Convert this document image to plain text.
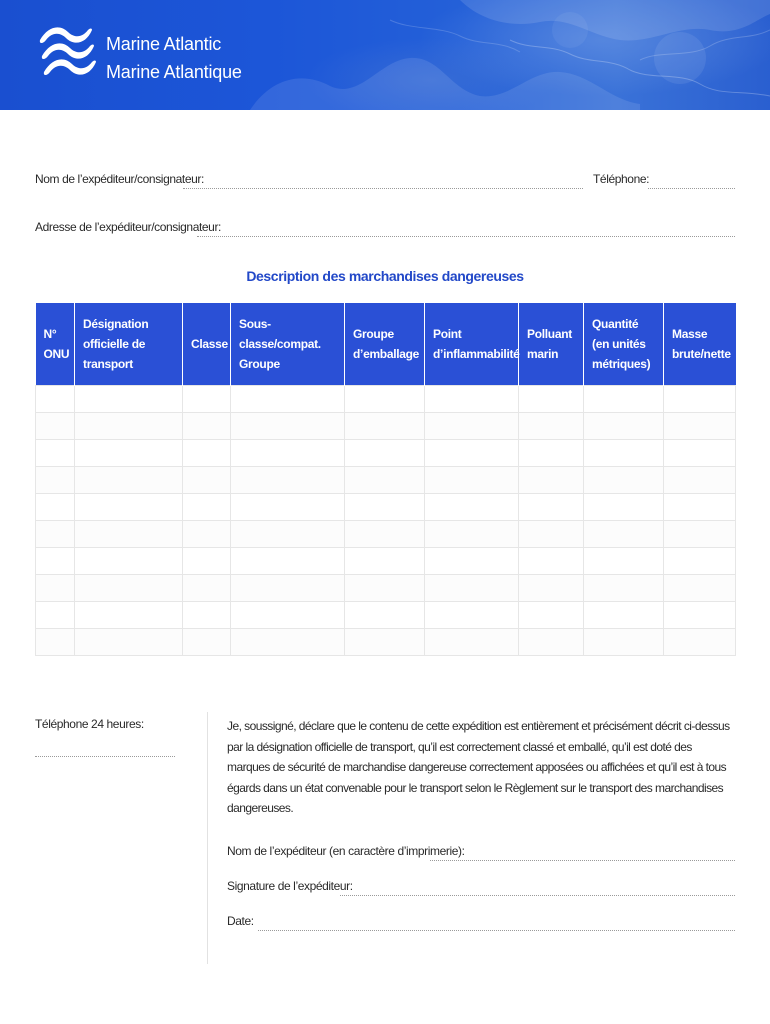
Marine Atlantic
Marine Atlantique
Nom de l’expéditeur/consignateur:	Téléphone:
Adresse de l’expéditeur/consignateur:
Description des marchandises dangereuses
N° ONU	Désignation officielle de transport	Classe	Sous-classe/compat. Groupe	Groupe d’emballage	Point d’inflammabilité	Polluant marin	Quantité (en unités métriques)	Masse brute/nette

Téléphone 24 heures:	Je, soussigné, déclare que le contenu de cette expédition est entièrement et précisément décrit ci-dessus par la désignation officielle de transport, qu’il est correctement classé et emballé, qu’il est doté des marques de sécurité de marchandise dangereuse correctement apposées ou affichées et qu’il est à tous égards dans un état convenable pour le transport selon le Règlement sur le transport des marchandises dangereuses.
Nom de l’expéditeur (en caractère d’imprimerie):
Signature de l’expéditeur:
Date:
